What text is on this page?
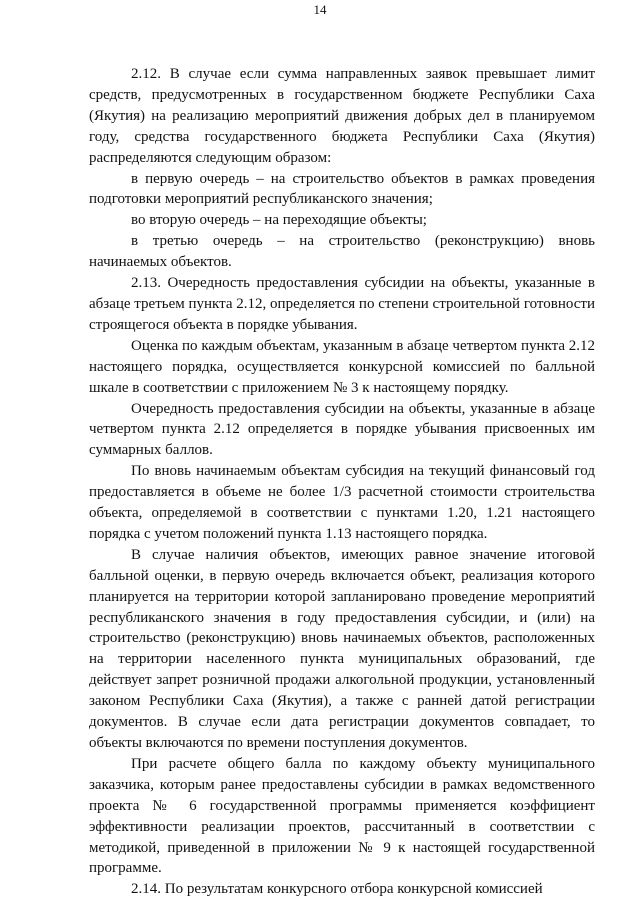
14

2.12. В случае если сумма направленных заявок превышает лимит средств, предусмотренных в государственном бюджете Республики Саха (Якутия) на реализацию мероприятий движения добрых дел в планируемом году, средства государственного бюджета Республики Саха (Якутия) распределяются следующим образом:

в первую очередь – на строительство объектов в рамках проведения подготовки мероприятий республиканского значения;

во вторую очередь – на переходящие объекты;

в третью очередь – на строительство (реконструкцию) вновь начинаемых объектов.

2.13. Очередность предоставления субсидии на объекты, указанные в абзаце третьем пункта 2.12, определяется по степени строительной готовности строящегося объекта в порядке убывания.

Оценка по каждым объектам, указанным в абзаце четвертом пункта 2.12 настоящего порядка, осуществляется конкурсной комиссией по балльной шкале в соответствии с приложением № 3 к настоящему порядку.

Очередность предоставления субсидии на объекты, указанные в абзаце четвертом пункта 2.12 определяется в порядке убывания присвоенных им суммарных баллов.

По вновь начинаемым объектам субсидия на текущий финансовый год предоставляется в объеме не более 1/3 расчетной стоимости строительства объекта, определяемой в соответствии с пунктами 1.20, 1.21 настоящего порядка с учетом положений пункта 1.13 настоящего порядка.

В случае наличия объектов, имеющих равное значение итоговой балльной оценки, в первую очередь включается объект, реализация которого планируется на территории которой запланировано проведение мероприятий республиканского значения в году предоставления субсидии, и (или) на строительство (реконструкцию) вновь начинаемых объектов, расположенных на территории населенного пункта муниципальных образований, где действует запрет розничной продажи алкогольной продукции, установленный законом Республики Саха (Якутия), а также с ранней датой регистрации документов. В случае если дата регистрации документов совпадает, то объекты включаются по времени поступления документов.

При расчете общего балла по каждому объекту муниципального заказчика, которым ранее предоставлены субсидии в рамках ведомственного проекта № 6 государственной программы применяется коэффициент эффективности реализации проектов, рассчитанный в соответствии с методикой, приведенной в приложении № 9 к настоящей государственной программе.

2.14. По результатам конкурсного отбора конкурсной комиссией
